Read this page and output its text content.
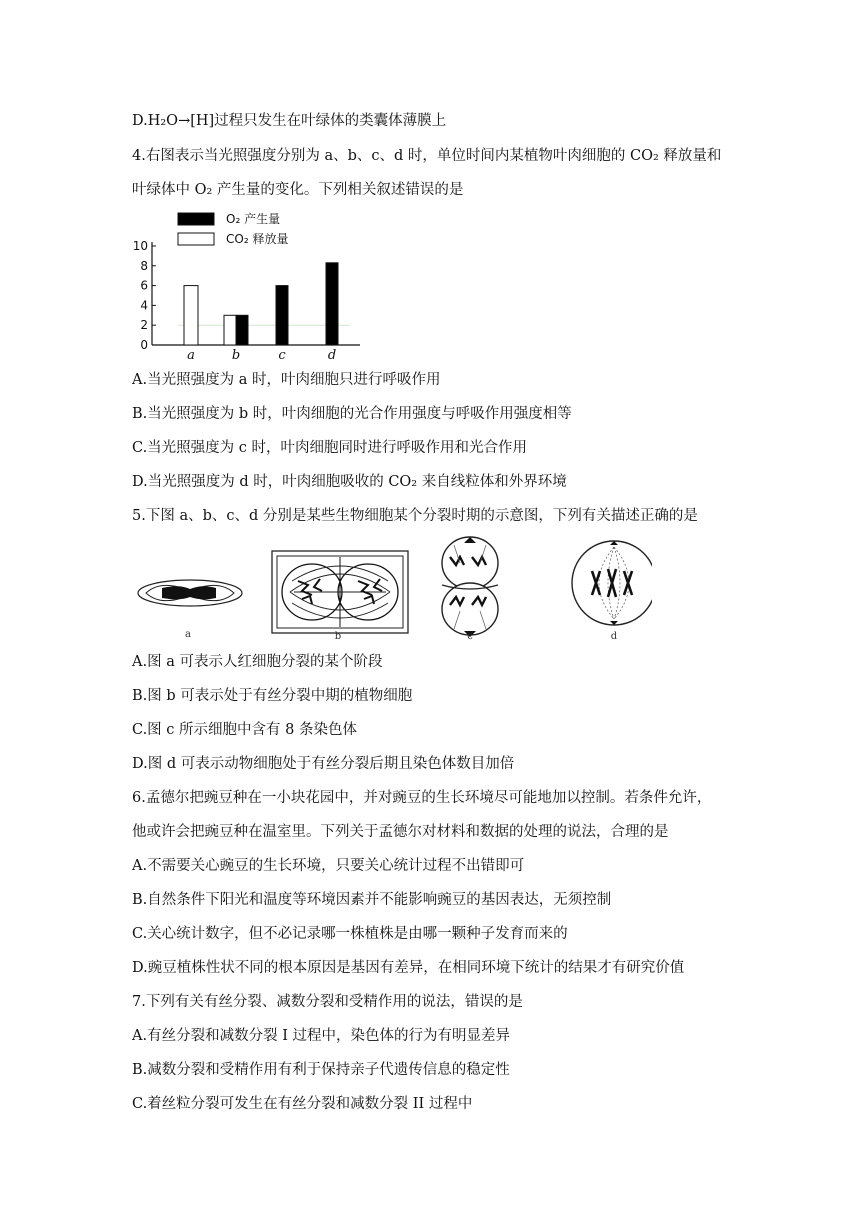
D.H₂O→[H]过程只发生在叶绿体的类囊体薄膜上
4.右图表示当光照强度分别为 a、b、c、d 时，单位时间内某植物叶肉细胞的 CO₂ 释放量和
叶绿体中 O₂ 产生量的变化。下列相关叙述错误的是
A.当光照强度为 a 时，叶肉细胞只进行呼吸作用
B.当光照强度为 b 时，叶肉细胞的光合作用强度与呼吸作用强度相等
C.当光照强度为 c 时，叶肉细胞同时进行呼吸作用和光合作用
D.当光照强度为 d 时，叶肉细胞吸收的 CO₂ 来自线粒体和外界环境
5.下图 a、b、c、d 分别是某些生物细胞某个分裂时期的示意图，下列有关描述正确的是
A.图 a 可表示人红细胞分裂的某个阶段
B.图 b 可表示处于有丝分裂中期的植物细胞
C.图 c 所示细胞中含有 8 条染色体
D.图 d 可表示动物细胞处于有丝分裂后期且染色体数目加倍
6.孟德尔把豌豆种在一小块花园中，并对豌豆的生长环境尽可能地加以控制。若条件允许，
他或许会把豌豆种在温室里。下列关于孟德尔对材料和数据的处理的说法，合理的是
A.不需要关心豌豆的生长环境，只要关心统计过程不出错即可
B.自然条件下阳光和温度等环境因素并不能影响豌豆的基因表达，无须控制
C.关心统计数字，但不必记录哪一株植株是由哪一颗种子发育而来的
D.豌豆植株性状不同的根本原因是基因有差异，在相同环境下统计的结果才有研究价值
7.下列有关有丝分裂、减数分裂和受精作用的说法，错误的是
A.有丝分裂和减数分裂 I 过程中，染色体的行为有明显差异
B.减数分裂和受精作用有利于保持亲子代遗传信息的稳定性
C.着丝粒分裂可发生在有丝分裂和减数分裂 II 过程中
0
2
4
6
8
10
a	b	c	d
O₂ 产生量
CO₂ 释放量
a	b	c	d
